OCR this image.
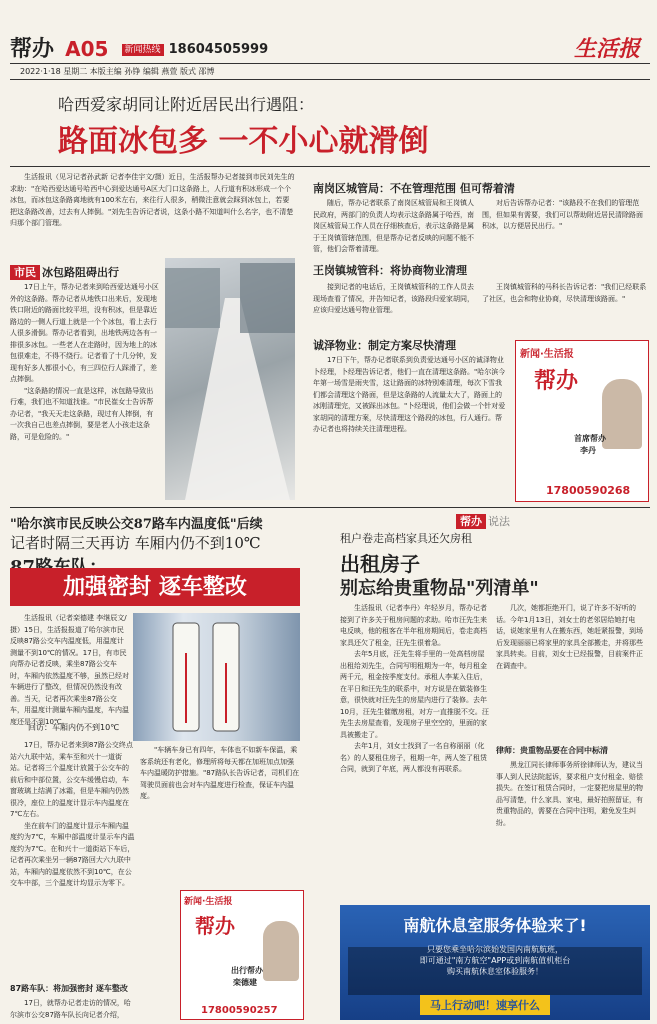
帮办 A05 $^{新闻热线}$ 18604505999	生活报
2022·1·18 星期二 本版主编 孙铮 编辑 燕萱 版式 邵博
哈西爱家胡同让附近居民出行遇阻：
路面冰包多 一不小心就滑倒

生活报讯（见习记者孙武新 记者李佳宇文/摄）近日，生活报帮办记者接到市民刘先生的求助："在哈西爱达通号哈西中心到爱达通号A区大门口这条路上，人行道有积冰形成一个个冰包，而冰包这条路离地就有100米左右，来往行人很多，稍微注意就会踩到冰包上，若要把这条路改善，过去有人摔倒。"刘先生告诉记者说，这条小路不知道叫什么名字，也不清楚归那个部门管理。

市民 冰包路阻碍出行

17日上午，帮办记者来到哈西爱达通号小区外的这条路。帮办记者从地铁口出来后，发现地铁口附近的路面比较平坦，没有积冰，但是靠近路边的一侧人行道上就是一个个冰包，看上去行人很多滑倒。帮办记者看到，出地铁两边各有一排很多冰包。一些老人在走路时，因为地上的冰包很难走，不得不绕行。记者看了十几分钟，发现有好多人都很小心，有三四位行人踩滑了，差点摔倒。

"这条路的情况一直是这样，冰包路导致出行难，我们也不知道找谁。"市民崔女士告诉帮办记者，"我天天走这条路，现过有人摔倒，有一次我自己也差点摔倒，要是老人小孩走这条路，可是危险的。"

南岗区城管局：不在管理范围 但可帮着清

随后，帮办记者联系了南岗区城管局和王岗镇人民政府，两部门的负责人均表示这条路属于哈西，南岗区城管局工作人员在仔细核查后，表示这条路是属于王岗镇管辖范围，但是帮办记者反映的问题不能不管，他们会帮着清理。

对后告诉帮办记者："该路段不在我们的管理范围，但如果有需要，我们可以帮助附近居民清除路面积冰，以方便居民出行。"

王岗镇城管科：将协商物业清理

接到记者的电话后，王岗镇城管科的工作人员去现场查看了情况，并告知记者，该路段归爱家胡同，应该归爱达通号物业管理。

王岗镇城管科的马科长告诉记者："我们已经联系了社区，也会和物业协商，尽快清理该路面。"

诚泽物业：制定方案尽快清理

17日下午，帮办记者联系到负责爱达通号小区的诚泽物业卜经理，卜经理告诉记者，他们一直在清理这条路。"哈尔滨今年第一场雪是雨夹雪，这让路面的冰特别难清理，每次下雪我们都会清理这个路面，但是这条路的人流量太大了，路面上的冰刚清理完，又被踩出冰包。"卜经理说，他们会做一个针对爱家胡同的清理方案，尽快清理这个路段的冰包，行人通行。帮办记者也将持续关注清理进程。

新闻·生活报
帮办
首席帮办
李丹
17800590268
"哈尔滨市民反映公交87路车内温度低"后续
记者时隔三天再访 车厢内仍不到10℃
加强密封 逐车整改

生活报讯（记者栾德建 李继辰文/摄）15日，生活报报道了哈尔滨市民反映87路公交车内温度低，用温度计测量不到10℃的情况。17日，有市民向帮办记者反映，乘坐87路公交车时，车厢内依然温度不够，虽然已经对车辆进行了整改，但情况仍然没有改善。当天，记者再次乘坐87路公交车，用温度计测量车厢内温度，车内温度还是不到10℃。

回访：车厢内仍不到10℃

17日，帮办记者来到87路公交终点站六九联中站，乘车至和兴十一道街站。记者将三个温度计放置于公交车的前后和中部位置，公交车缓慢启动，车窗玻璃上结满了冰霜，但是车厢内仍然很冷，座位上的温度计显示车内温度在7℃左右。

坐在前车门的温度计显示车厢内温度约为7℃，车厢中部温度计显示车内温度约为7℃。在和兴十一道街站下车后，记者再次乘坐另一辆87路回大六九联中站，车厢内的温度依然不到10℃，在公交车中部，三个温度计均显示为零下。

87路车队：将加强密封 逐车整改

17日，就帮办记者走访的情况，哈尔滨市公交87路车队长向记者介绍，

"车辆车身已有四年，车体也不如新车保温，乘客系统还有老化，修理所将每天都在加班加点加强车内温暖防护措施。"87路队长告诉记者，司机们在驾驶员面前也会对车内温度进行检查，保证车内温度。

新闻·生活报
帮办
出行帮办
栾德建
17800590257
帮办 说法
租户卷走高档家具还欠房租
出租房子
别忘给贵重物品"列清单"

生活报讯（记者李丹）年轻岁月，帮办记者接到了许多关于租房问题的求助。哈市汪先生来电反映，他的租客在半年租房期间后，卷走高档家具还欠了租金，汪先生很着急。

去年5月底，汪先生将手里的一处高档房屋出租给刘先生，合同写明租期为一年，每月租金两千元，租金按季度支付。承租人李某入住后，在平日和汪先生的联系中，对方说是在做装修生意，很快就对汪先生的房屋内进行了装修。去年10月，汪先生催缴房租，对方一直推脱不交。汪先生去房屋查看，发现房子里空空的，里面的家具被搬走了。

去年1月，刘女士找到了一名自称丽丽（化名）的人要租住房子，租期一年，两人签了租赁合同，就到了年底，两人都没有再联系。

几次，她都拒绝开门，说了许多不好听的话。今年1月13日，刘女士的老邻居给她打电话，说她家里有人在搬东西，她赶紧报警，到场后发现丽丽已将家里的家具全部搬走，并将那些家具转卖。目前，刘女士已经报警，目前案件正在调查中。

律师：贵重物品要在合同中标清

黑龙江同长律师事务所徐律师认为，建议当事人到人民法院起诉，要求租户支付租金、赔偿损失。在签订租赁合同时，一定要把房屋里的物品写清楚，什么家具、家电，最好拍照留证，有贵重物品的，需要在合同中注明，避免发生纠纷。

南航休息室服务体验来了!
只要您乘坐哈尔滨始发国内南航航班，
即可通过"南方航空"APP或到南航值机柜台
购买南航休息室体验服务！
马上行动吧！速享什么
